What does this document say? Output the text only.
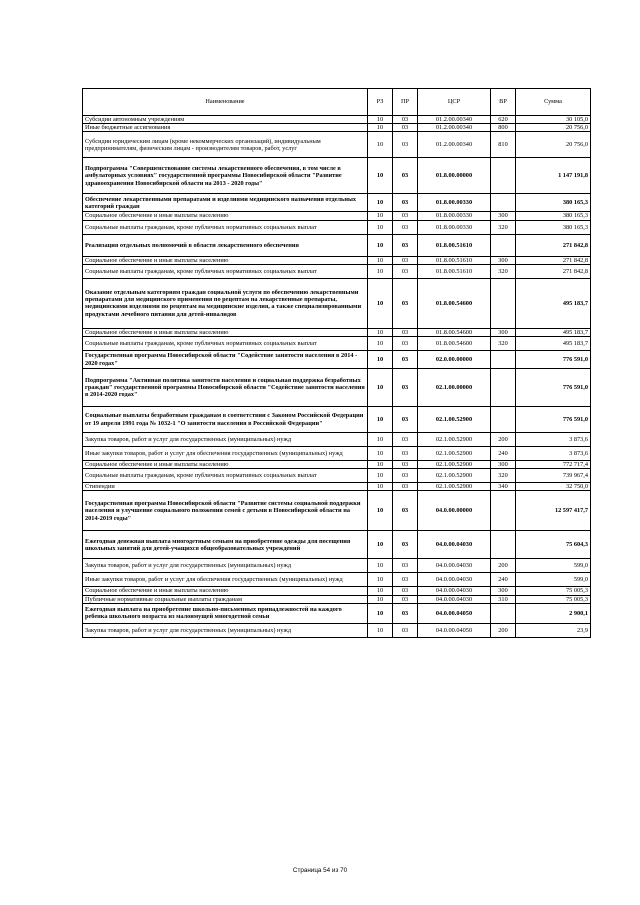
Наименование	РЗ	ПР	ЦСР	ВР	Сумма
Субсидии автономным учреждениям	10	03	01.2.00.00340	620	30 105,0
Иные бюджетные ассигнования	10	03	01.2.00.00340	800	20 756,0
Субсидии юридическим лицам (кроме некоммерческих организаций), индивидуальным предпринимателям, физическим лицам - производителям товаров, работ, услуг	10	03	01.2.00.00340	810	20 756,0
Подпрограмма "Совершенствование системы лекарственного обеспечения, в том числе в амбулаторных условиях" государственной программы Новосибирской области "Развитие здравоохранения Новосибирской области на 2013 - 2020 годы"	10	03	01.8.00.00000		1 147 191,8
Обеспечение лекарственными препаратами и изделиями медицинского назначения отдельных категорий граждан	10	03	01.8.00.00330		380 165,3
Социальное обеспечение и иные выплаты населению	10	03	01.8.00.00330	300	380 165,3
Социальные выплаты гражданам, кроме публичных нормативных социальных выплат	10	03	01.8.00.00330	320	380 165,3
Реализация отдельных полномочий в области лекарственного обеспечения	10	03	01.8.00.51610		271 842,8
Социальное обеспечение и иные выплаты населению	10	03	01.8.00.51610	300	271 842,8
Социальные выплаты гражданам, кроме публичных нормативных социальных выплат	10	03	01.8.00.51610	320	271 842,8
Оказание отдельным категориям граждан социальной услуги по обеспечению лекарственными препаратами для медицинского применения по рецептам на лекарственные препараты, медицинскими изделиями по рецептам на медицинские изделия, а также специализированными продуктами лечебного питания для детей-инвалидов	10	03	01.8.00.54600		495 183,7
Социальное обеспечение и иные выплаты населению	10	03	01.8.00.54600	300	495 183,7
Социальные выплаты гражданам, кроме публичных нормативных социальных выплат	10	03	01.8.00.54600	320	495 183,7
Государственная программа Новосибирской области "Содействие занятости населения в 2014 - 2020 годах"	10	03	02.0.00.00000		776 591,0
Подпрограмма "Активная политика занятости населения и социальная поддержка безработных граждан" государственной программы Новосибирской области "Содействие занятости населения в 2014-2020 годах"	10	03	02.1.00.00000		776 591,0
Социальные выплаты безработным гражданам в соответствии с Законом Российской Федерации от 19 апреля 1991 года № 1032-1 "О занятости населения в Российской Федерации"	10	03	02.1.00.52900		776 591,0
Закупка товаров, работ и услуг для государственных (муниципальных) нужд	10	03	02.1.00.52900	200	3 873,6
Иные закупки товаров, работ и услуг для обеспечения государственных (муниципальных) нужд	10	03	02.1.00.52900	240	3 873,6
Социальное обеспечение и иные выплаты населению	10	03	02.1.00.52900	300	772 717,4
Социальные выплаты гражданам, кроме публичных нормативных социальных выплат	10	03	02.1.00.52900	320	739 967,4
Стипендии	10	03	02.1.00.52900	340	32 750,0
Государственная программа Новосибирской области "Развитие системы социальной поддержки населения и улучшение социального положения семей с детьми в Новосибирской области на 2014-2019 годы"	10	03	04.0.00.00000		12 597 417,7
Ежегодная денежная выплата многодетным семьям на приобретение одежды для посещения школьных занятий для детей-учащихся общеобразовательных учреждений	10	03	04.0.00.04030		75 604,3
Закупка товаров, работ и услуг для государственных (муниципальных) нужд	10	03	04.0.00.04030	200	599,0
Иные закупки товаров, работ и услуг для обеспечения государственных (муниципальных) нужд	10	03	04.0.00.04030	240	599,0
Социальное обеспечение и иные выплаты населению	10	03	04.0.00.04030	300	75 005,3
Публичные нормативные социальные выплаты гражданам	10	03	04.0.00.04030	310	75 005,3
Ежегодная выплата на приобретение школьно-письменных принадлежностей на каждого ребенка школьного возраста из малоимущей многодетной семьи	10	03	04.0.00.04050		2 900,1
Закупка товаров, работ и услуг для государственных (муниципальных) нужд	10	03	04.0.00.04050	200	23,9
Страница 54 из 70
